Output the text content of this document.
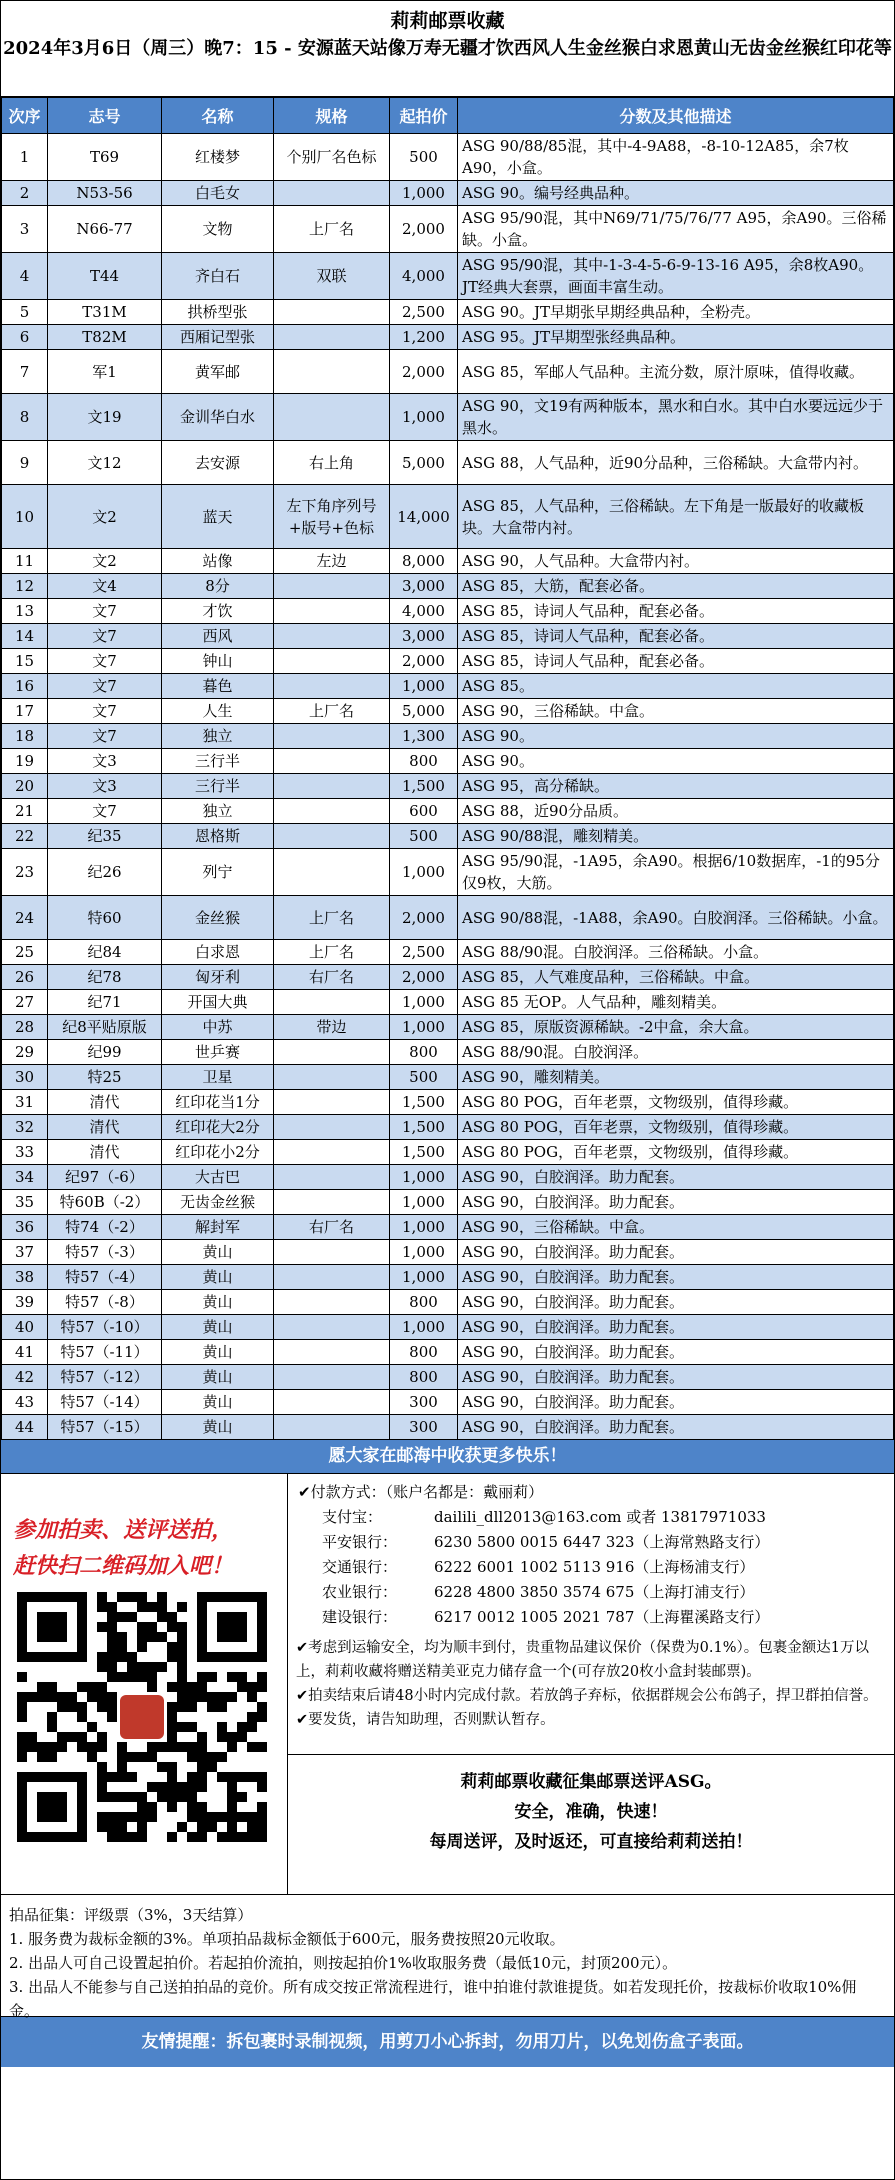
莉莉邮票收藏
2024年3月6日（周三）晚7：15 - 安源蓝天站像万寿无疆才饮西风人生金丝猴白求恩黄山无齿金丝猴红印花等
次序	志号	名称	规格	起拍价	分数及其他描述
1	T69	红楼梦	个别厂名色标	500	ASG 90/88/85混，其中-4-9A88，-8-10-12A85，余7枚A90，小盒。
2	N53-56	白毛女		1,000	ASG 90。编号经典品种。
3	N66-77	文物	上厂名	2,000	ASG 95/90混，其中N69/71/75/76/77 A95，余A90。三俗稀缺。小盒。
4	T44	齐白石	双联	4,000	ASG 95/90混，其中-1-3-4-5-6-9-13-16 A95，余8枚A90。JT经典大套票，画面丰富生动。
5	T31M	拱桥型张		2,500	ASG 90。JT早期张早期经典品种，全粉壳。
6	T82M	西厢记型张		1,200	ASG 95。JT早期型张经典品种。
7	军1	黄军邮		2,000	ASG 85，军邮人气品种。主流分数，原汁原味，值得收藏。
8	文19	金训华白水		1,000	ASG 90，文19有两种版本，黑水和白水。其中白水要远远少于黑水。
9	文12	去安源	右上角	5,000	ASG 88，人气品种，近90分品种，三俗稀缺。大盒带内衬。
10	文2	蓝天	左下角序列号+版号+色标	14,000	ASG 85，人气品种，三俗稀缺。左下角是一版最好的收藏板块。大盒带内衬。
11	文2	站像	左边	8,000	ASG 90，人气品种。大盒带内衬。
12	文4	8分		3,000	ASG 85，大筋，配套必备。
13	文7	才饮		4,000	ASG 85，诗词人气品种，配套必备。
14	文7	西风		3,000	ASG 85，诗词人气品种，配套必备。
15	文7	钟山		2,000	ASG 85，诗词人气品种，配套必备。
16	文7	暮色		1,000	ASG 85。
17	文7	人生	上厂名	5,000	ASG 90，三俗稀缺。中盒。
18	文7	独立		1,300	ASG 90。
19	文3	三行半		800	ASG 90。
20	文3	三行半		1,500	ASG 95，高分稀缺。
21	文7	独立		600	ASG 88，近90分品质。
22	纪35	恩格斯		500	ASG 90/88混，雕刻精美。
23	纪26	列宁		1,000	ASG 95/90混，-1A95，余A90。根据6/10数据库，-1的95分仅9枚，大筋。
24	特60	金丝猴	上厂名	2,000	ASG 90/88混，-1A88，余A90。白胶润泽。三俗稀缺。小盒。
25	纪84	白求恩	上厂名	2,500	ASG 88/90混。白胶润泽。三俗稀缺。小盒。
26	纪78	匈牙利	右厂名	2,000	ASG 85，人气难度品种，三俗稀缺。中盒。
27	纪71	开国大典		1,000	ASG 85 无OP。人气品种，雕刻精美。
28	纪8平贴原版	中苏	带边	1,000	ASG 85，原版资源稀缺。-2中盒，余大盒。
29	纪99	世乒赛		800	ASG 88/90混。白胶润泽。
30	特25	卫星		500	ASG 90，雕刻精美。
31	清代	红印花当1分		1,500	ASG 80 POG，百年老票，文物级别，值得珍藏。
32	清代	红印花大2分		1,500	ASG 80 POG，百年老票，文物级别，值得珍藏。
33	清代	红印花小2分		1,500	ASG 80 POG，百年老票，文物级别，值得珍藏。
34	纪97（-6）	大古巴		1,000	ASG 90，白胶润泽。助力配套。
35	特60B（-2）	无齿金丝猴		1,000	ASG 90，白胶润泽。助力配套。
36	特74（-2）	解封军	右厂名	1,000	ASG 90，三俗稀缺。中盒。
37	特57（-3）	黄山		1,000	ASG 90，白胶润泽。助力配套。
38	特57（-4）	黄山		1,000	ASG 90，白胶润泽。助力配套。
39	特57（-8）	黄山		800	ASG 90，白胶润泽。助力配套。
40	特57（-10）	黄山		1,000	ASG 90，白胶润泽。助力配套。
41	特57（-11）	黄山		800	ASG 90，白胶润泽。助力配套。
42	特57（-12）	黄山		800	ASG 90，白胶润泽。助力配套。
43	特57（-14）	黄山		300	ASG 90，白胶润泽。助力配套。
44	特57（-15）	黄山		300	ASG 90，白胶润泽。助力配套。
愿大家在邮海中收获更多快乐！
参加拍卖、送评送拍，
赶快扫二维码加入吧！
✔付款方式：（账户名都是：戴丽莉）
支付宝：	dailili_dll2013@163.com 或者 13817971033
平安银行：	6230 5800 0015 6447 323（上海常熟路支行）
交通银行：	6222 6001 1002 5113 916（上海杨浦支行）
农业银行：	6228 4800 3850 3574 675（上海打浦支行）
建设银行：	6217 0012 1005 2021 787（上海瞿溪路支行）
✔考虑到运输安全，均为顺丰到付，贵重物品建议保价（保费为0.1%）。包裹金额达1万以上，莉莉收藏将赠送精美亚克力储存盒一个(可存放20枚小盒封装邮票)。
✔拍卖结束后请48小时内完成付款。若放鸽子弃标，依据群规会公布鸽子，捍卫群拍信誉。
✔要发货，请告知助理，否则默认暂存。
莉莉邮票收藏征集邮票送评ASG。
安全，准确，快速！
每周送评，及时返还，可直接给莉莉送拍！
拍品征集：评级票（3%，3天结算）
1. 服务费为裁标金额的3%。单项拍品裁标金额低于600元，服务费按照20元收取。
2. 出品人可自己设置起拍价。若起拍价流拍，则按起拍价1%收取服务费（最低10元，封顶200元）。
3. 出品人不能参与自己送拍拍品的竞价。所有成交按正常流程进行，谁中拍谁付款谁提货。如若发现托价，按裁标价收取10%佣金。
友情提醒：拆包裹时录制视频，用剪刀小心拆封，勿用刀片，以免划伤盒子表面。
